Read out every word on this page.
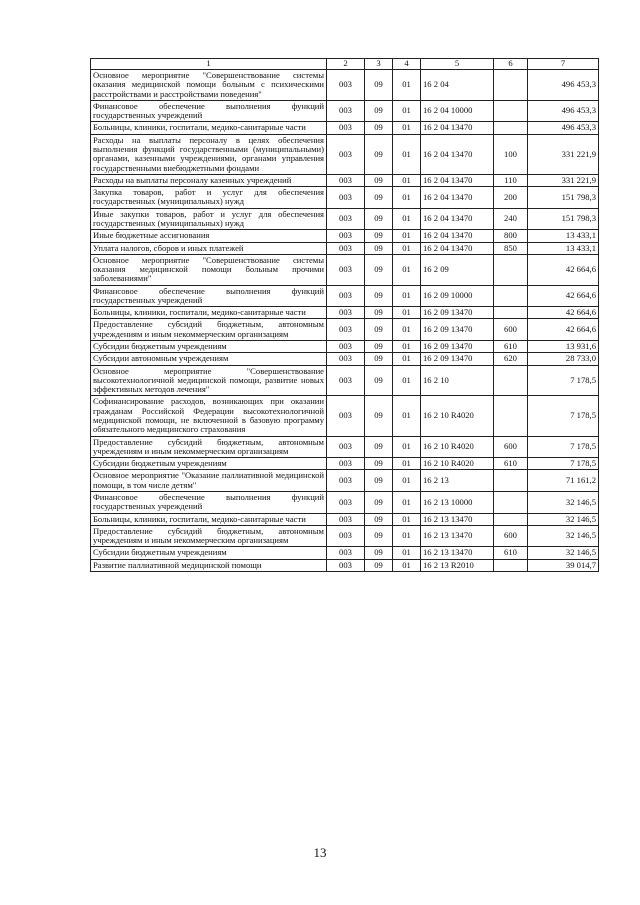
1	2	3	4	5	6	7
Основное мероприятие "Совершенствование системы оказания медицинской помощи больным с психическими расстройствами и расстройствами поведения"	003	09	01	16 2 04		496 453,3
Финансовое обеспечение выполнения функций государственных учреждений	003	09	01	16 2 04 10000		496 453,3
Больницы, клиники, госпитали, медико-санитарные части	003	09	01	16 2 04 13470		496 453,3
Расходы на выплаты персоналу в целях обеспечения выполнения функций государственными (муниципальными) органами, казенными учреждениями, органами управления государственными внебюджетными фондами	003	09	01	16 2 04 13470	100	331 221,9
Расходы на выплаты персоналу казенных учреждений	003	09	01	16 2 04 13470	110	331 221,9
Закупка товаров, работ и услуг для обеспечения государственных (муниципальных) нужд	003	09	01	16 2 04 13470	200	151 798,3
Иные закупки товаров, работ и услуг для обеспечения государственных (муниципальных) нужд	003	09	01	16 2 04 13470	240	151 798,3
Иные бюджетные ассигнования	003	09	01	16 2 04 13470	800	13 433,1
Уплата налогов, сборов и иных платежей	003	09	01	16 2 04 13470	850	13 433,1
Основное мероприятие "Совершенствование системы оказания медицинской помощи больным прочими заболеваниями"	003	09	01	16 2 09		42 664,6
Финансовое обеспечение выполнения функций государственных учреждений	003	09	01	16 2 09 10000		42 664,6
Больницы, клиники, госпитали, медико-санитарные части	003	09	01	16 2 09 13470		42 664,6
Предоставление субсидий бюджетным, автономным учреждениям и иным некоммерческим организациям	003	09	01	16 2 09 13470	600	42 664,6
Субсидии бюджетным учреждениям	003	09	01	16 2 09 13470	610	13 931,6
Субсидии автономным учреждениям	003	09	01	16 2 09 13470	620	28 733,0
Основное мероприятие "Совершенствование высокотехнологичной медицинской помощи, развитие новых эффективных методов лечения"	003	09	01	16 2 10		7 178,5
Софинансирование расходов, возникающих при оказании гражданам Российской Федерации высокотехнологичной медицинской помощи, не включенной в базовую программу обязательного медицинского страхования	003	09	01	16 2 10 R4020		7 178,5
Предоставление субсидий бюджетным, автономным учреждениям и иным некоммерческим организациям	003	09	01	16 2 10 R4020	600	7 178,5
Субсидии бюджетным учреждениям	003	09	01	16 2 10 R4020	610	7 178,5
Основное мероприятие "Оказание паллиативной медицинской помощи, в том числе детям"	003	09	01	16 2 13		71 161,2
Финансовое обеспечение выполнения функций государственных учреждений	003	09	01	16 2 13 10000		32 146,5
Больницы, клиники, госпитали, медико-санитарные части	003	09	01	16 2 13 13470		32 146,5
Предоставление субсидий бюджетным, автономным учреждениям и иным некоммерческим организациям	003	09	01	16 2 13 13470	600	32 146,5
Субсидии бюджетным учреждениям	003	09	01	16 2 13 13470	610	32 146,5
Развитие паллиативной медицинской помощи	003	09	01	16 2 13 R2010		39 014,7
13
